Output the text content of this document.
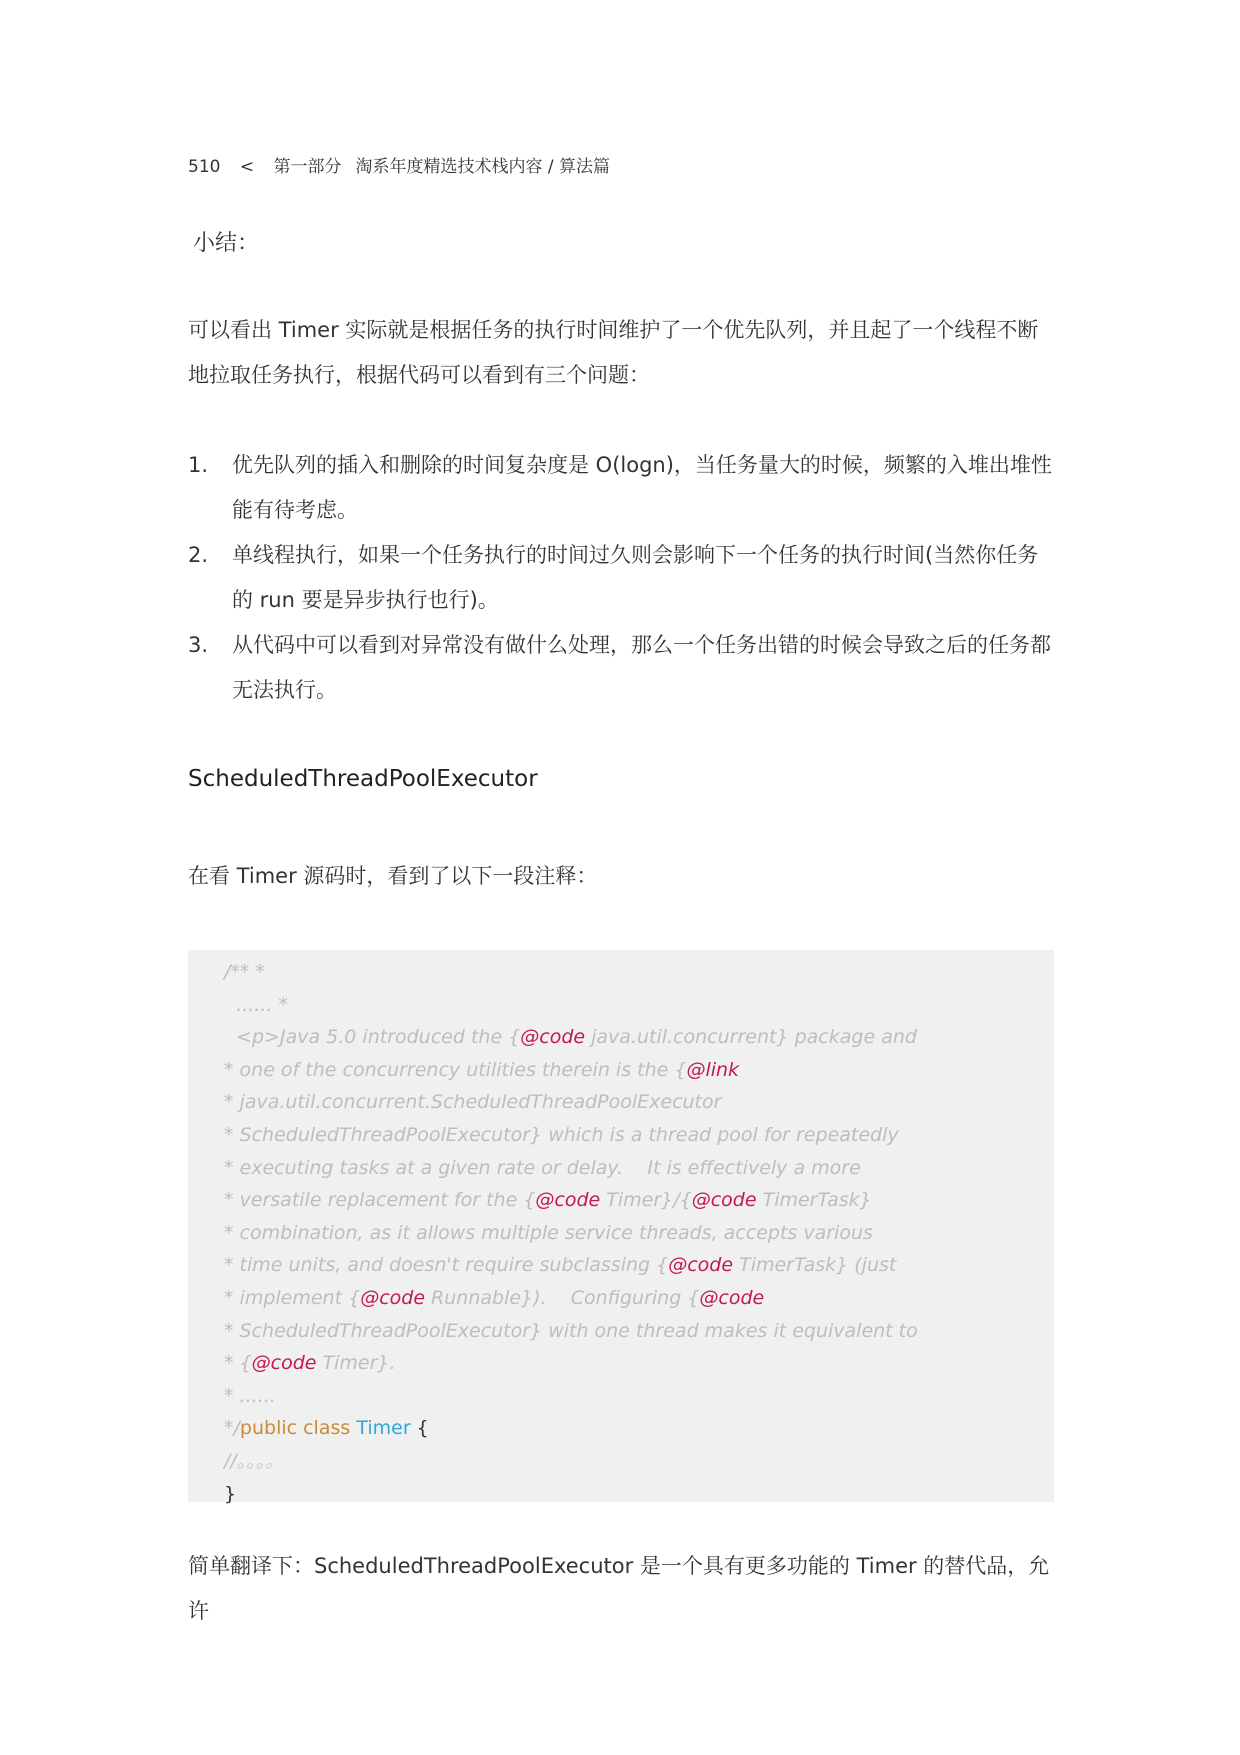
510 < 第一部分 淘系年度精选技术栈内容 / 算法篇
小结：
可以看出 Timer 实际就是根据任务的执行时间维护了一个优先队列，并且起了一个线程不断地拉取任务执行，根据代码可以看到有三个问题：
1. 优先队列的插入和删除的时间复杂度是 O(logn)，当任务量大的时候，频繁的入堆出堆性能有待考虑。
2. 单线程执行，如果一个任务执行的时间过久则会影响下一个任务的执行时间(当然你任务的 run 要是异步执行也行)。
3. 从代码中可以看到对异常没有做什么处理，那么一个任务出错的时候会导致之后的任务都无法执行。
ScheduledThreadPoolExecutor
在看 Timer 源码时，看到了以下一段注释：
/** *
...... *
<p>Java 5.0 introduced the {@code java.util.concurrent} package and
* one of the concurrency utilities therein is the {@link
* java.util.concurrent.ScheduledThreadPoolExecutor
* ScheduledThreadPoolExecutor} which is a thread pool for repeatedly
* executing tasks at a given rate or delay.    It is effectively a more
* versatile replacement for the {@code Timer}/{@code TimerTask}
* combination, as it allows multiple service threads, accepts various
* time units, and doesn't require subclassing {@code TimerTask} (just
* implement {@code Runnable}).    Configuring {@code
* ScheduledThreadPoolExecutor} with one thread makes it equivalent to
* {@code Timer}.
* ......
*/public class Timer {
//。。。。
}
简单翻译下：ScheduledThreadPoolExecutor 是一个具有更多功能的 Timer 的替代品，允许
